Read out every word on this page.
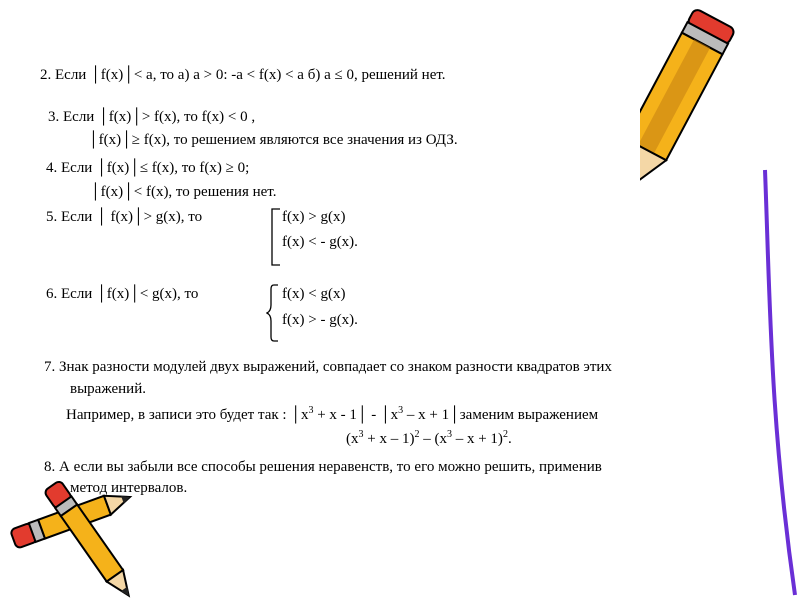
2. Если │f(x)│< a, то а) a > 0: -a < f(x) < a б) a ≤ 0, решений нет.
3. Если │f(x)│> f(x), то f(x) < 0 ,
│f(x)│≥ f(x), то решением являются все значения из ОДЗ.
4. Если │f(x)│≤ f(x), то f(x) ≥ 0;
│f(x)│< f(x), то решения нет.
5. Если │ f(x)│> g(x), то	f(x) > g(x)
f(x) < - g(x).
6. Если │f(x)│< g(x), то	f(x) < g(x)
f(x) > - g(x).
7. Знак разности модулей двух выражений, совпадает со знаком разности квадратов этих
выражений.
Например, в записи это будет так : $│x^3 + x$ - 1│ - $│x^3$ – x + 1│заменим выражением
$(x^3 + x - 1)^2 - (x^3 - x + 1)^2$.
8. А если вы забыли все способы решения неравенств, то его можно решить, применив
метод интервалов.
